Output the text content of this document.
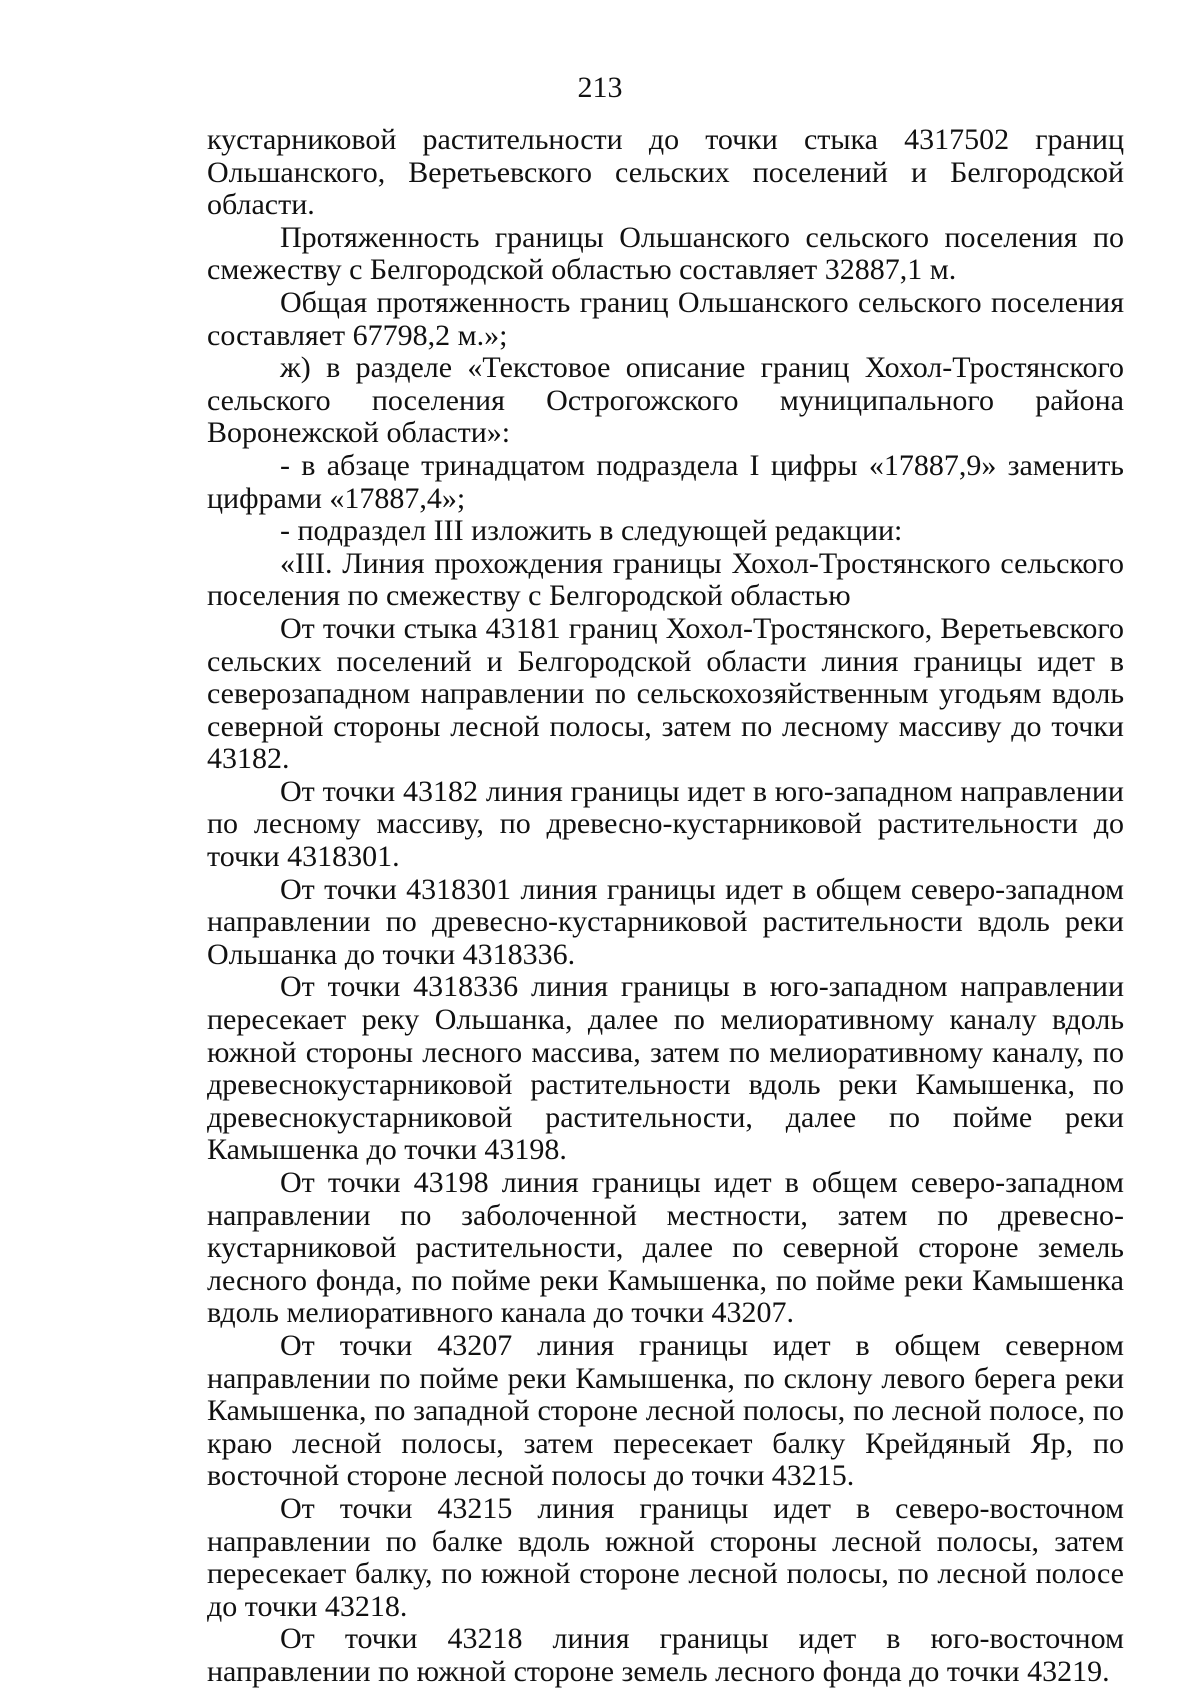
213

кустарниковой растительности до точки стыка 4317502 границ Ольшанского, Веретьевского сельских поселений и Белгородской области.

Протяженность границы Ольшанского сельского поселения по смежеству с Белгородской областью составляет 32887,1 м.

Общая протяженность границ Ольшанского сельского поселения составляет 67798,2 м.»;

ж) в разделе «Текстовое описание границ Хохол-Тростянского сельского поселения Острогожского муниципального района Воронежской области»:

- в абзаце тринадцатом подраздела I цифры «17887,9» заменить цифрами «17887,4»;

- подраздел III изложить в следующей редакции:

«III. Линия прохождения границы Хохол-Тростянского сельского поселения по смежеству с Белгородской областью

От точки стыка 43181 границ Хохол-Тростянского, Веретьевского сельских поселений и Белгородской области линия границы идет в северозападном направлении по сельскохозяйственным угодьям вдоль северной стороны лесной полосы, затем по лесному массиву до точки 43182.

От точки 43182 линия границы идет в юго-западном направлении по лесному массиву, по древесно-кустарниковой растительности до точки 4318301.

От точки 4318301 линия границы идет в общем северо-западном направлении по древесно-кустарниковой растительности вдоль реки Ольшанка до точки 4318336.

От точки 4318336 линия границы в юго-западном направлении пересекает реку Ольшанка, далее по мелиоративному каналу вдоль южной стороны лесного массива, затем по мелиоративному каналу, по древеснокустарниковой растительности вдоль реки Камышенка, по древеснокустарниковой растительности, далее по пойме реки Камышенка до точки 43198.

От точки 43198 линия границы идет в общем северо-западном направлении по заболоченной местности, затем по древеснокустарниковой растительности, далее по северной стороне земель лесного фонда, по пойме реки Камышенка, по пойме реки Камышенка вдоль мелиоративного канала до точки 43207.

От точки 43207 линия границы идет в общем северном направлении по пойме реки Камышенка, по склону левого берега реки Камышенка, по западной стороне лесной полосы, по лесной полосе, по краю лесной полосы, затем пересекает балку Крейдяный Яр, по восточной стороне лесной полосы до точки 43215.

От точки 43215 линия границы идет в северо-восточном направлении по балке вдоль южной стороны лесной полосы, затем пересекает балку, по южной стороне лесной полосы, по лесной полосе до точки 43218.

От точки 43218 линия границы идет в юго-восточном направлении по южной стороне земель лесного фонда до точки 43219.
